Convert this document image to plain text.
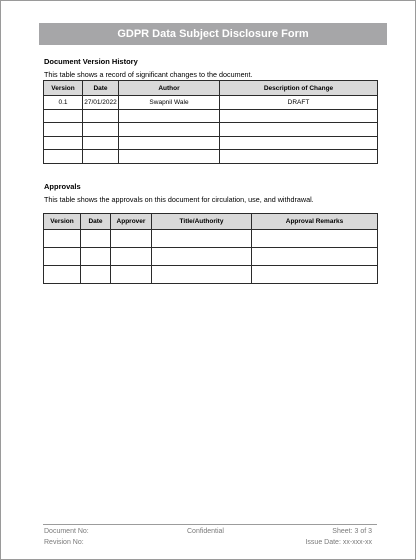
GDPR Data Subject Disclosure Form
Document Version History
This table shows a record of significant changes to the document.
Version	Date	Author	Description of Change
0.1	27/01/2022	Swapnil Wale	DRAFT

Approvals
This table shows the approvals on this document for circulation, use, and withdrawal.
Version	Date	Approver	Title/Authority	Approval Remarks

Document No:
Revision No:
Confidential	Sheet: 3 of 3
Issue Date: xx-xxx-xx
